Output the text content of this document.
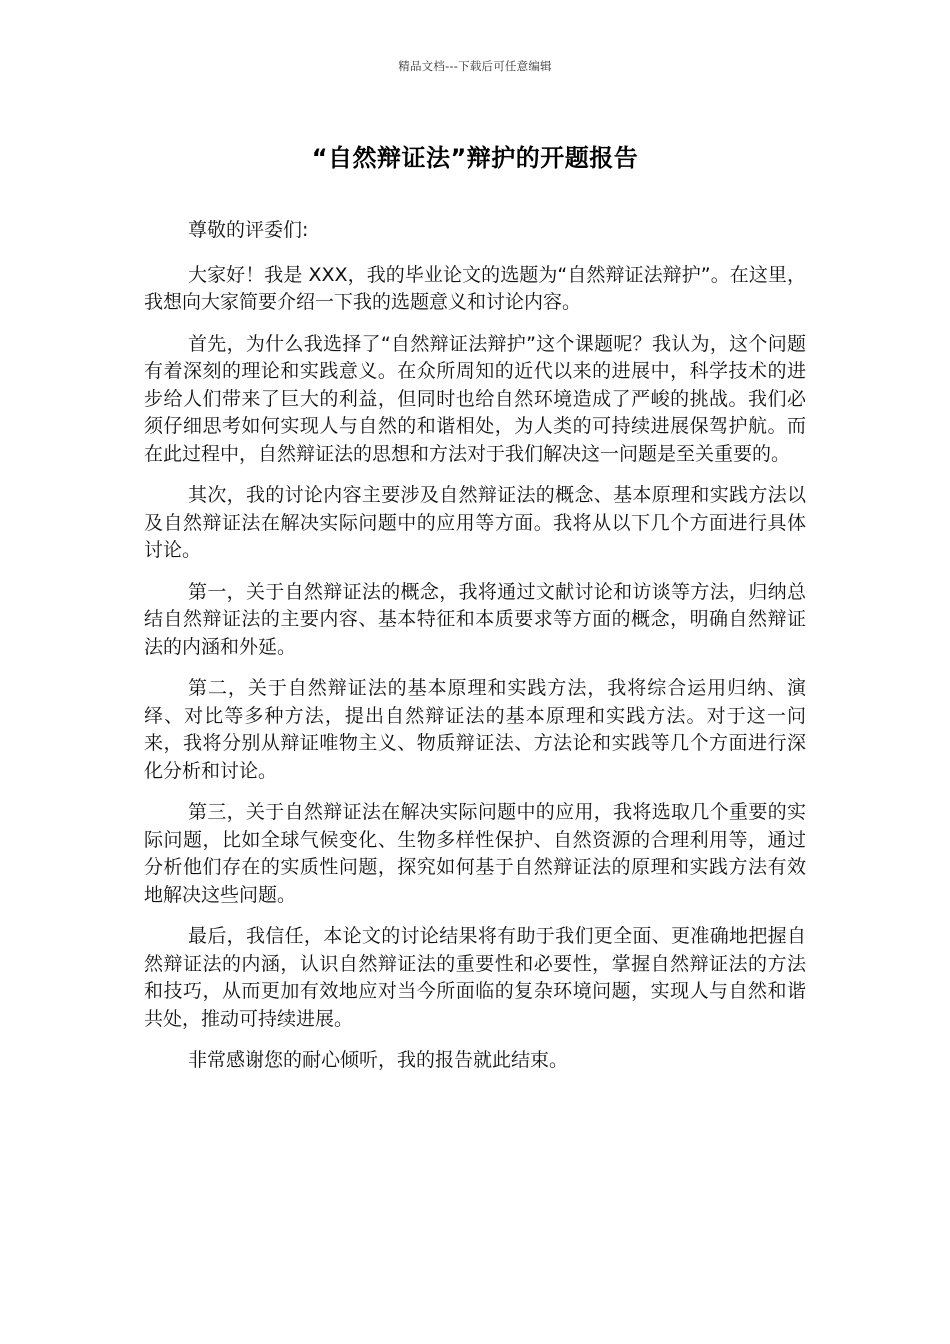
精品文档---下载后可任意编辑
“自然辩证法”辩护的开题报告

尊敬的评委们:

大家好！我是 XXX，我的毕业论文的选题为“自然辩证法辩护”。在这里，我想向大家简要介绍一下我的选题意义和讨论内容。

首先，为什么我选择了“自然辩证法辩护”这个课题呢？我认为，这个问题有着深刻的理论和实践意义。在众所周知的近代以来的进展中，科学技术的进步给人们带来了巨大的利益，但同时也给自然环境造成了严峻的挑战。我们必须仔细思考如何实现人与自然的和谐相处，为人类的可持续进展保驾护航。而在此过程中，自然辩证法的思想和方法对于我们解决这一问题是至关重要的。

其次，我的讨论内容主要涉及自然辩证法的概念、基本原理和实践方法以及自然辩证法在解决实际问题中的应用等方面。我将从以下几个方面进行具体讨论。

第一，关于自然辩证法的概念，我将通过文献讨论和访谈等方法，归纳总结自然辩证法的主要内容、基本特征和本质要求等方面的概念，明确自然辩证法的内涵和外延。

第二，关于自然辩证法的基本原理和实践方法，我将综合运用归纳、演绎、对比等多种方法，提出自然辩证法的基本原理和实践方法。对于这一问来，我将分别从辩证唯物主义、物质辩证法、方法论和实践等几个方面进行深化分析和讨论。

第三，关于自然辩证法在解决实际问题中的应用，我将选取几个重要的实际问题，比如全球气候变化、生物多样性保护、自然资源的合理利用等，通过分析他们存在的实质性问题，探究如何基于自然辩证法的原理和实践方法有效地解决这些问题。

最后，我信任，本论文的讨论结果将有助于我们更全面、更准确地把握自然辩证法的内涵，认识自然辩证法的重要性和必要性，掌握自然辩证法的方法和技巧，从而更加有效地应对当今所面临的复杂环境问题，实现人与自然和谐共处，推动可持续进展。

非常感谢您的耐心倾听，我的报告就此结束。
